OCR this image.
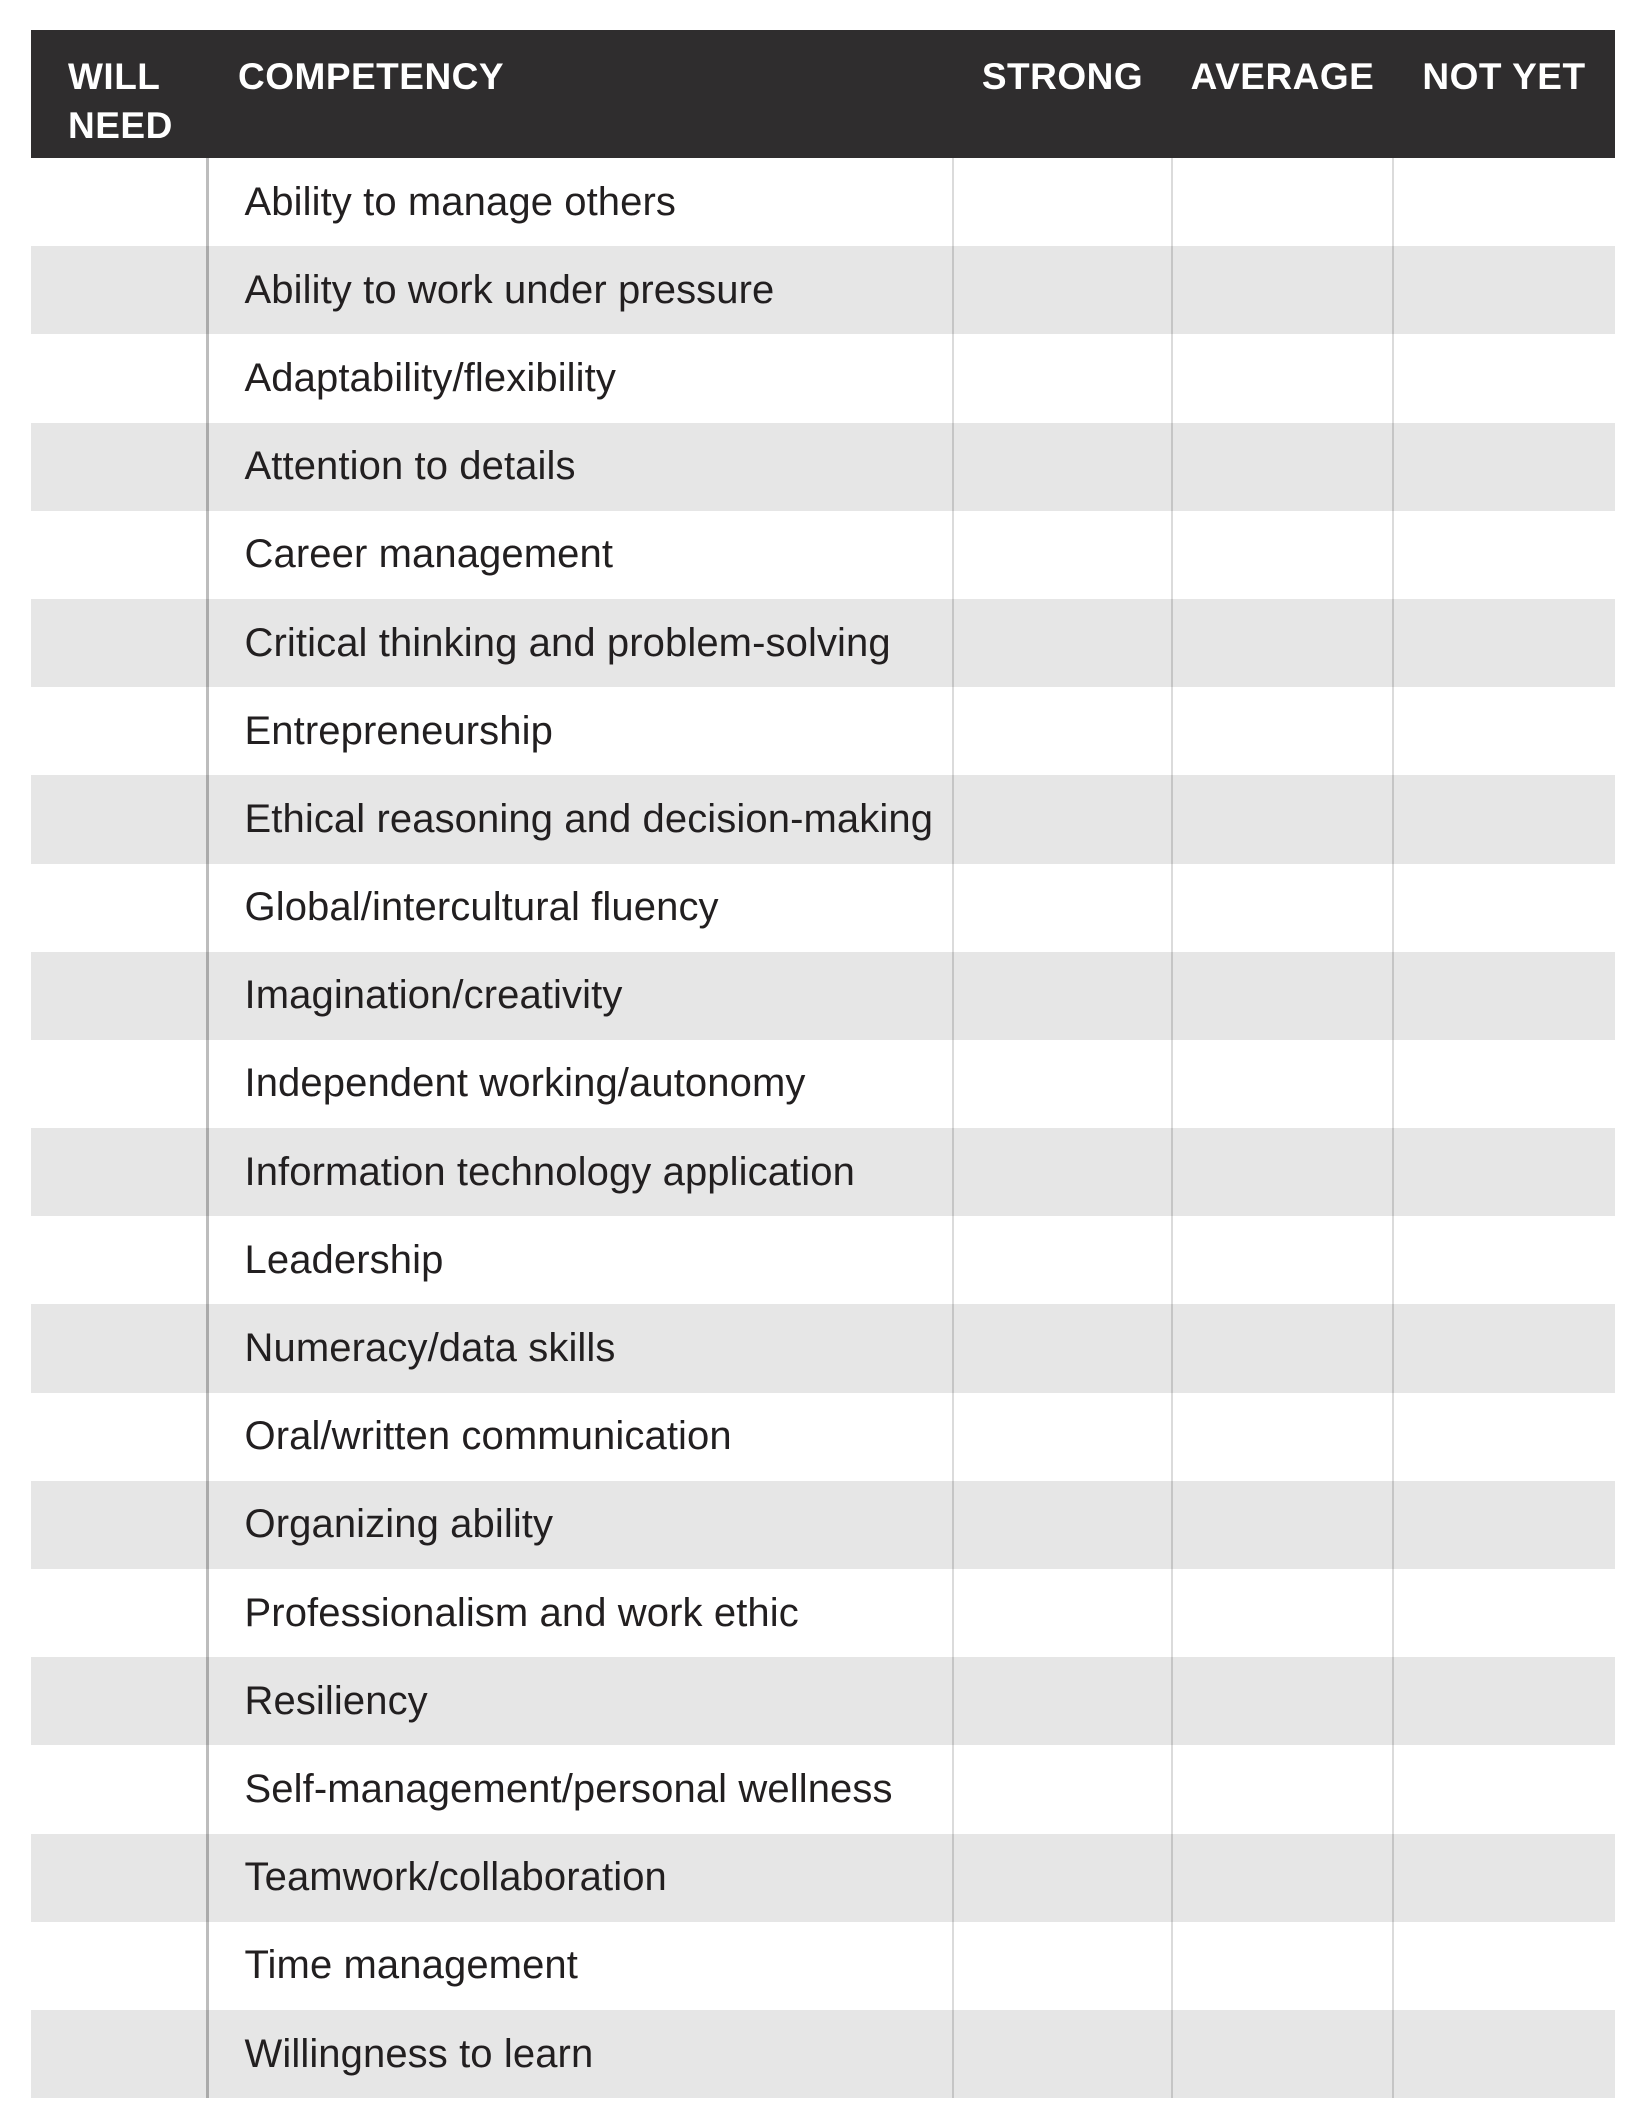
WILL NEED	COMPETENCY	STRONG	AVERAGE	NOT YET
	Ability to manage others			
	Ability to work under pressure			
	Adaptability/flexibility			
	Attention to details			
	Career management			
	Critical thinking and problem-solving			
	Entrepreneurship			
	Ethical reasoning and decision-making			
	Global/intercultural fluency			
	Imagination/creativity			
	Independent working/autonomy			
	Information technology application			
	Leadership			
	Numeracy/data skills			
	Oral/written communication			
	Organizing ability			
	Professionalism and work ethic			
	Resiliency			
	Self-management/personal wellness			
	Teamwork/collaboration			
	Time management			
	Willingness to learn			
